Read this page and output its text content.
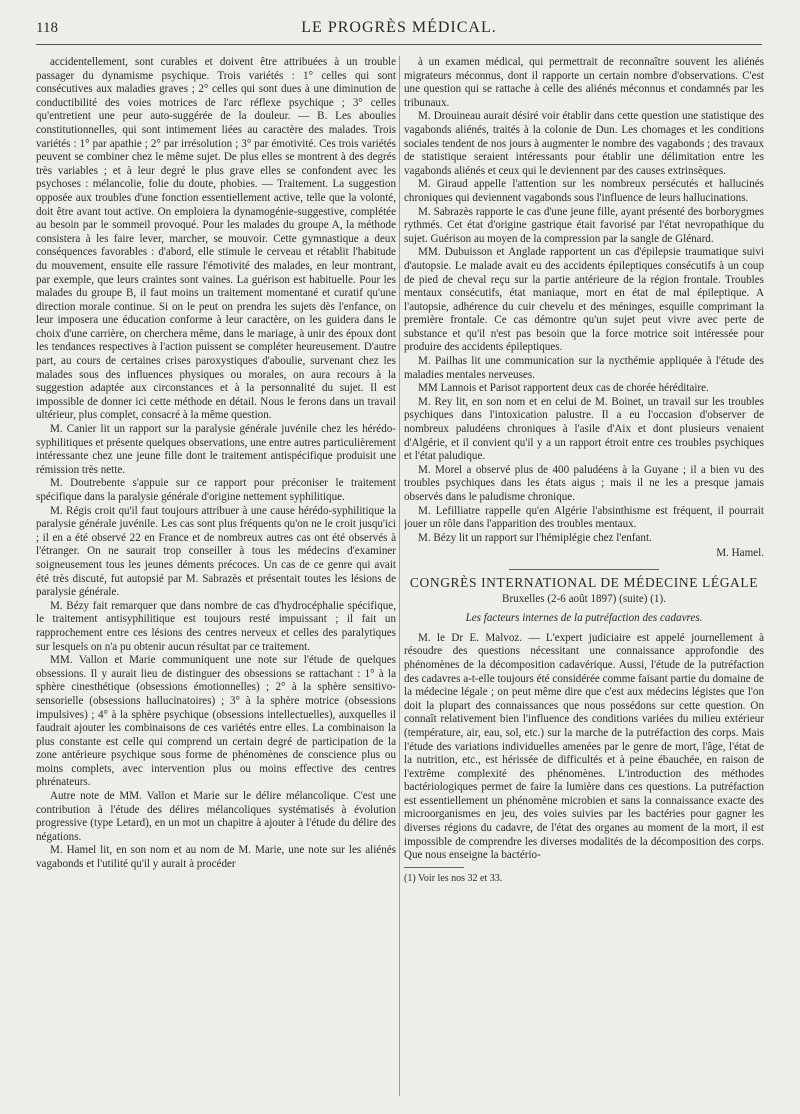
118	LE PROGRÈS MÉDICAL.

accidentellement, sont curables et doivent être attribuées à un trouble passager du dynamisme psychique. Trois variétés : 1° celles qui sont consécutives aux maladies graves ; 2° celles qui sont dues à une diminution de conductibilité des voies motrices de l'arc réflexe psychique ; 3° celles qu'entretient une peur auto-suggérée de la douleur. — B. Les aboulies constitutionnelles, qui sont intimement liées au caractère des malades. Trois variétés : 1° par apathie ; 2° par irrésolution ; 3° par émotivité. Ces trois variétés peuvent se combiner chez le même sujet. De plus elles se montrent à des degrés très variables ; et à leur degré le plus grave elles se confondent avec les psychoses : mélancolie, folie du doute, phobies. — Traitement. La suggestion opposée aux troubles d'une fonction essentiellement active, telle que la volonté, doit être avant tout active. On emploiera la dynamogénie-suggestive, complétée au besoin par le sommeil provoqué. Pour les malades du groupe A, la méthode consistera à les faire lever, marcher, se mouvoir. Cette gymnastique a deux conséquences favorables : d'abord, elle stimule le cerveau et rétablit l'habitude du mouvement, ensuite elle rassure l'émotivité des malades, en leur montrant, par exemple, que leurs craintes sont vaines. La guérison est habituelle. Pour les malades du groupe B, il faut moins un traitement momentané et curatif qu'une direction morale continue. Si on le peut on prendra les sujets dès l'enfance, on leur imposera une éducation conforme à leur caractère, on les guidera dans le choix d'une carrière, on cherchera même, dans le mariage, à unir des époux dont les tendances respectives à l'action puissent se compléter heureusement. D'autre part, au cours de certaines crises paroxystiques d'aboulie, survenant chez les malades sous des influences physiques ou morales, on aura recours à la suggestion adaptée aux circonstances et à la personnalité du sujet. Il est impossible de donner ici cette méthode en détail. Nous le ferons dans un travail ultérieur, plus complet, consacré à la même question.

M. Canier lit un rapport sur la paralysie générale juvénile chez les hérédo-syphilitiques et présente quelques observations, une entre autres particulièrement intéressante chez une jeune fille dont le traitement antispécifique produisit une rémission très nette.

M. Doutrebente s'appuie sur ce rapport pour préconiser le traitement spécifique dans la paralysie générale d'origine nettement syphilitique.

M. Régis croit qu'il faut toujours attribuer à une cause hérédo-syphilitique la paralysie générale juvénile. Les cas sont plus fréquents qu'on ne le croit jusqu'ici ; il en a été observé 22 en France et de nombreux autres cas ont été observés à l'étranger. On ne saurait trop conseiller à tous les médecins d'examiner soigneusement tous les jeunes déments précoces. Un cas de ce genre qui avait été très discuté, fut autopsié par M. Sabrazès et présentait toutes les lésions de paralysie générale.

M. Bézy fait remarquer que dans nombre de cas d'hydrocéphalie spécifique, le traitement antisyphilitique est toujours resté impuissant ; il fait un rapprochement entre ces lésions des centres nerveux et celles des paralytiques sur lesquels on n'a pu obtenir aucun résultat par ce traitement.

MM. Vallon et Marie communiquent une note sur l'étude de quelques obsessions. Il y aurait lieu de distinguer des obsessions se rattachant : 1° à la sphère cinesthétique (obsessions émotionnelles) ; 2° à la sphère sensitivo-sensorielle (obsessions hallucinatoires) ; 3° à la sphère motrice (obsessions impulsives) ; 4° à la sphère psychique (obsessions intellectuelles), auxquelles il faudrait ajouter les combinaisons de ces variétés entre elles. La combinaison la plus constante est celle qui comprend un certain degré de participation de la zone antérieure psychique sous forme de phénomènes de conscience plus ou moins complets, avec intervention plus ou moins effective des centres phrénateurs.

Autre note de MM. Vallon et Marie sur le délire mélancolique. C'est une contribution à l'étude des délires mélancoliques systématisés à évolution progressive (type Letard), en un mot un chapitre à ajouter à l'étude du délire des négations.

M. Hamel lit, en son nom et au nom de M. Marie, une note sur les aliénés vagabonds et l'utilité qu'il y aurait à procéder

à un examen médical, qui permettrait de reconnaître souvent les aliénés migrateurs méconnus, dont il rapporte un certain nombre d'observations. C'est une question qui se rattache à celle des aliénés méconnus et condamnés par les tribunaux.

M. Drouineau aurait désiré voir établir dans cette question une statistique des vagabonds aliénés, traités à la colonie de Dun. Les chomages et les conditions sociales tendent de nos jours à augmenter le nombre des vagabonds ; des travaux de statistique seraient intéressants pour établir une délimitation entre les vagabonds aliénés et ceux qui le deviennent par des causes extrinsèques.

M. Giraud appelle l'attention sur les nombreux persécutés et hallucinés chroniques qui deviennent vagabonds sous l'influence de leurs hallucinations.

M. Sabrazès rapporte le cas d'une jeune fille, ayant présenté des borborygmes rythmés. Cet état d'origine gastrique était favorisé par l'état nevropathique du sujet. Guérison au moyen de la compression par la sangle de Glénard.

MM. Dubuisson et Anglade rapportent un cas d'épilepsie traumatique suivi d'autopsie. Le malade avait eu des accidents épileptiques consécutifs à un coup de pied de cheval reçu sur la partie antérieure de la région frontale. Troubles mentaux consécutifs, état maniaque, mort en état de mal épileptique. A l'autopsie, adhérence du cuir chevelu et des méninges, esquille comprimant la première frontale. Ce cas démontre qu'un sujet peut vivre avec perte de substance et qu'il n'est pas besoin que la force motrice soit intéressée pour produire des accidents épileptiques.

M. Pailhas lit une communication sur la nycthémie appliquée à l'étude des maladies mentales nerveuses.

MM Lannois et Parisot rapportent deux cas de chorée héréditaire.

M. Rey lit, en son nom et en celui de M. Boinet, un travail sur les troubles psychiques dans l'intoxication palustre. Il a eu l'occasion d'observer de nombreux paludéens chroniques à l'asile d'Aix et dont plusieurs venaient d'Algérie, et il convient qu'il y a un rapport étroit entre ces troubles psychiques et l'état paludique.

M. Morel a observé plus de 400 paludéens à la Guyane ; il a bien vu des troubles psychiques dans les états aigus ; mais il ne les a presque jamais observés dans le paludisme chronique.

M. Lefilliatre rappelle qu'en Algérie l'absinthisme est fréquent, il pourrait jouer un rôle dans l'apparition des troubles mentaux.

M. Bézy lit un rapport sur l'hémiplégie chez l'enfant.

M. Hamel.

CONGRÈS INTERNATIONAL DE MÉDECINE LÉGALE

Bruxelles (2-6 août 1897) (suite) (1).

Les facteurs internes de la putréfaction des cadavres.

M. le Dr E. Malvoz. — L'expert judiciaire est appelé journellement à résoudre des questions nécessitant une connaissance approfondie des phénomènes de la décomposition cadavérique. Aussi, l'étude de la putréfaction des cadavres a-t-elle toujours été considérée comme faisant partie du domaine de la médecine légale ; on peut même dire que c'est aux médecins légistes que l'on doit la plupart des connaissances que nous possédons sur cette question. On connaît relativement bien l'influence des conditions variées du milieu extérieur (température, air, eau, sol, etc.) sur la marche de la putréfaction des corps. Mais l'étude des variations individuelles amenées par le genre de mort, l'âge, l'état de la nutrition, etc., est hérissée de difficultés et à peine ébauchée, en raison de l'extrême complexité des phénomènes. L'introduction des méthodes bactériologiques permet de faire la lumière dans ces questions. La putréfaction est essentiellement un phénomène microbien et sans la connaissance exacte des microorganismes en jeu, des voies suivies par les bactéries pour gagner les diverses régions du cadavre, de l'état des organes au moment de la mort, il est impossible de comprendre les diverses modalités de la décomposition des corps. Que nous enseigne la bactério-

(1) Voir les nos 32 et 33.
